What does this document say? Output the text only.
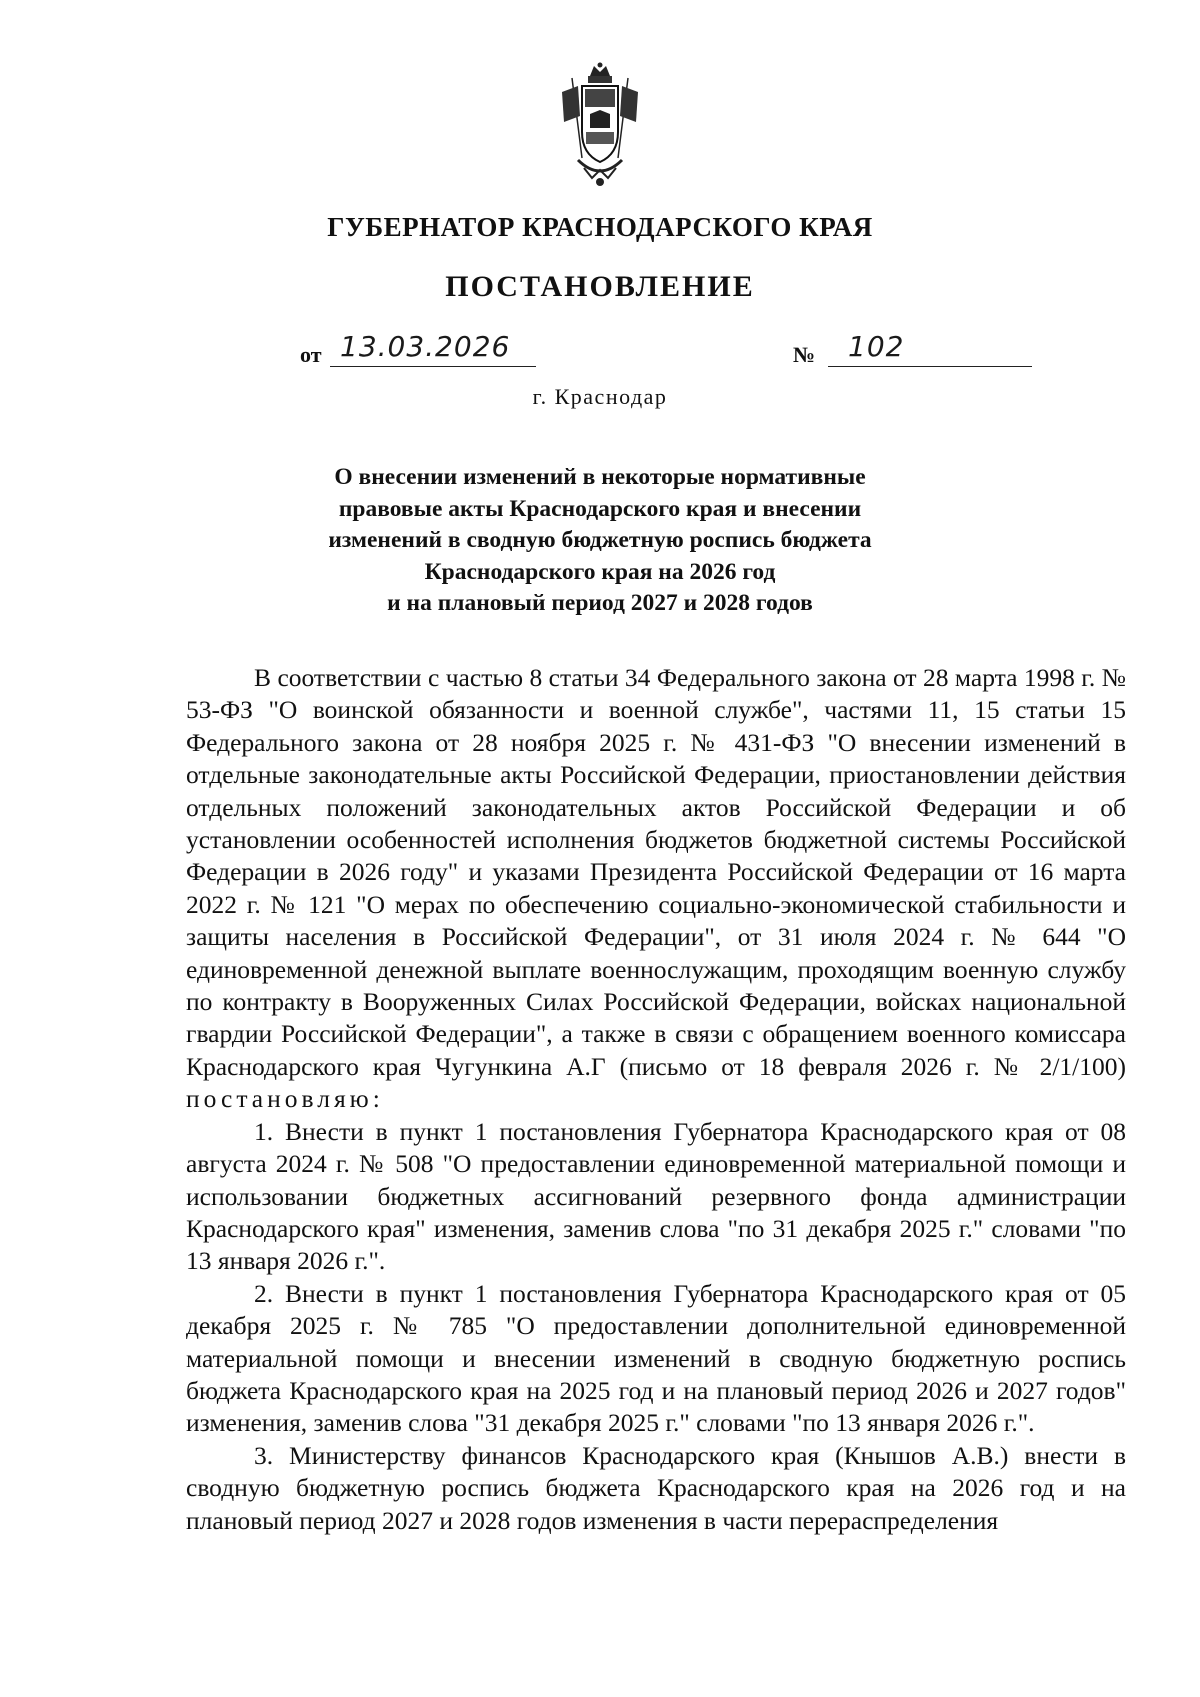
ГУБЕРНАТОР КРАСНОДАРСКОГО КРАЯ
ПОСТАНОВЛЕНИЕ
от 13.03.2026	№ 102
г. Краснодар
О внесении изменений в некоторые нормативные
правовые акты Краснодарского края и внесении
изменений в сводную бюджетную роспись бюджета
Краснодарского края на 2026 год
и на плановый период 2027 и 2028 годов

В соответствии с частью 8 статьи 34 Федерального закона от 28 марта 1998 г. № 53-ФЗ "О воинской обязанности и военной службе", частями 11, 15 статьи 15 Федерального закона от 28 ноября 2025 г. № 431-ФЗ "О внесении изменений в отдельные законодательные акты Российской Федерации, приостановлении действия отдельных положений законодательных актов Российской Федерации и об установлении особенностей исполнения бюджетов бюджетной системы Российской Федерации в 2026 году" и указами Президента Российской Федерации от 16 марта 2022 г. № 121 "О мерах по обеспечению социально-экономической стабильности и защиты населения в Российской Федерации", от 31 июля 2024 г. № 644 "О единовременной денежной выплате военнослужащим, проходящим военную службу по контракту в Вооруженных Силах Российской Федерации, войсках национальной гвардии Российской Федерации", а также в связи с обращением военного комиссара Краснодарского края Чугункина А.Г (письмо от 18 февраля 2026 г. № 2/1/100) постановляю:

1. Внести в пункт 1 постановления Губернатора Краснодарского края от 08 августа 2024 г. № 508 "О предоставлении единовременной материальной помощи и использовании бюджетных ассигнований резервного фонда администрации Краснодарского края" изменения, заменив слова "по 31 декабря 2025 г." словами "по 13 января 2026 г.".

2. Внести в пункт 1 постановления Губернатора Краснодарского края от 05 декабря 2025 г. № 785 "О предоставлении дополнительной единовременной материальной помощи и внесении изменений в сводную бюджетную роспись бюджета Краснодарского края на 2025 год и на плановый период 2026 и 2027 годов" изменения, заменив слова "31 декабря 2025 г." словами "по 13 января 2026 г.".

3. Министерству финансов Краснодарского края (Кнышов А.В.) внести в сводную бюджетную роспись бюджета Краснодарского края на 2026 год и на плановый период 2027 и 2028 годов изменения в части перераспределения
